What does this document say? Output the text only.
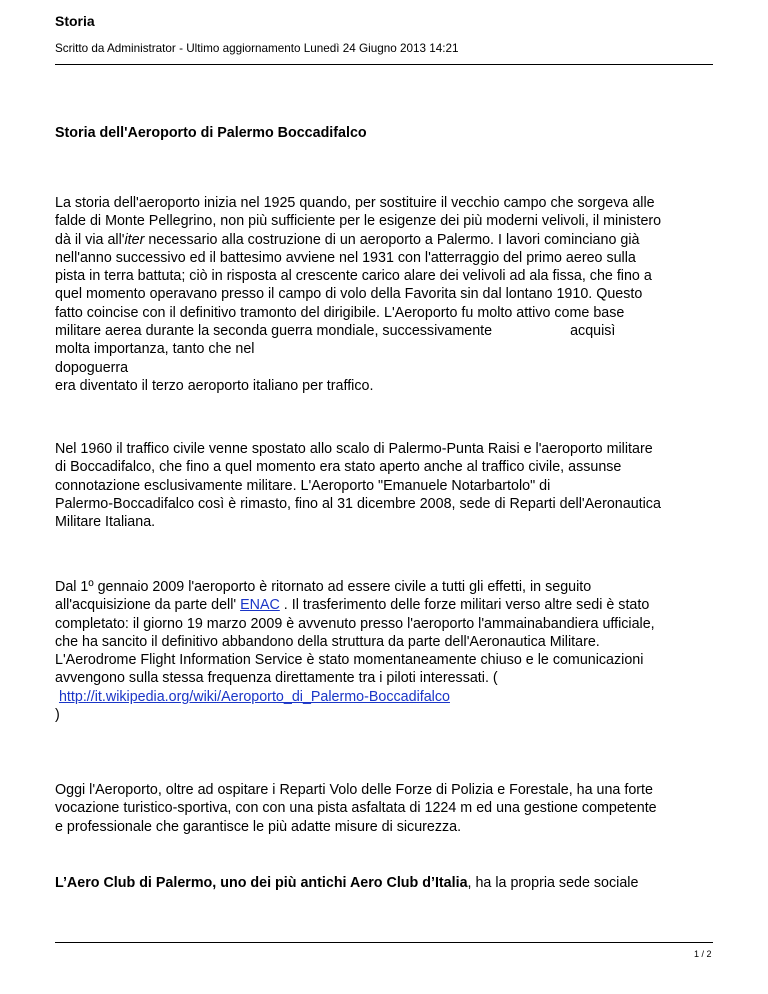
Storia
Scritto da Administrator - Ultimo aggiornamento Lunedì 24 Giugno 2013 14:21
Storia dell'Aeroporto di Palermo Boccadifalco
La storia dell'aeroporto inizia nel 1925 quando, per sostituire il vecchio campo che sorgeva alle
falde di Monte Pellegrino, non più sufficiente per le esigenze dei più moderni velivoli, il ministero
dà il via all'iter necessario alla costruzione di un aeroporto a Palermo. I lavori cominciano già
nell'anno successivo ed il battesimo avviene nel 1931 con l'atterraggio del primo aereo sulla
pista in terra battuta; ciò in risposta al crescente carico alare dei velivoli ad ala fissa, che fino a
quel momento operavano presso il campo di volo della Favorita sin dal lontano 1910. Questo
fatto coincise con il definitivo tramonto del dirigibile. L'Aeroporto fu molto attivo come base
militare aerea durante la seconda guerra mondiale, successivamente	acquisì
molta importanza, tanto che nel
dopoguerra
era diventato il terzo aeroporto italiano per traffico.
Nel 1960 il traffico civile venne spostato allo scalo di Palermo-Punta Raisi e l'aeroporto militare
di Boccadifalco, che fino a quel momento era stato aperto anche al traffico civile, assunse
connotazione esclusivamente militare. L'Aeroporto "Emanuele Notarbartolo" di
Palermo-Boccadifalco così è rimasto, fino al 31 dicembre 2008, sede di Reparti dell'Aeronautica
Militare Italiana.
Dal 1º gennaio 2009 l'aeroporto è ritornato ad essere civile a tutti gli effetti, in seguito
all'acquisizione da parte dell' ENAC . Il trasferimento delle forze militari verso altre sedi è stato
completato: il giorno 19 marzo 2009 è avvenuto presso l'aeroporto l'ammainabandiera ufficiale,
che ha sancito il definitivo abbandono della struttura da parte dell'Aeronautica Militare.
L'Aerodrome Flight Information Service è stato momentaneamente chiuso e le comunicazioni
avvengono sulla stessa frequenza direttamente tra i piloti interessati. (
http://it.wikipedia.org/wiki/Aeroporto_di_Palermo-Boccadifalco
)
Oggi l'Aeroporto, oltre ad ospitare i Reparti Volo delle Forze di Polizia e Forestale, ha una forte
vocazione turistico-sportiva, con con una pista asfaltata di 1224 m ed una gestione competente
e professionale che garantisce le più adatte misure di sicurezza.
L’Aero Club di Palermo, uno dei più antichi Aero Club d’Italia, ha la propria sede sociale
1 / 2
